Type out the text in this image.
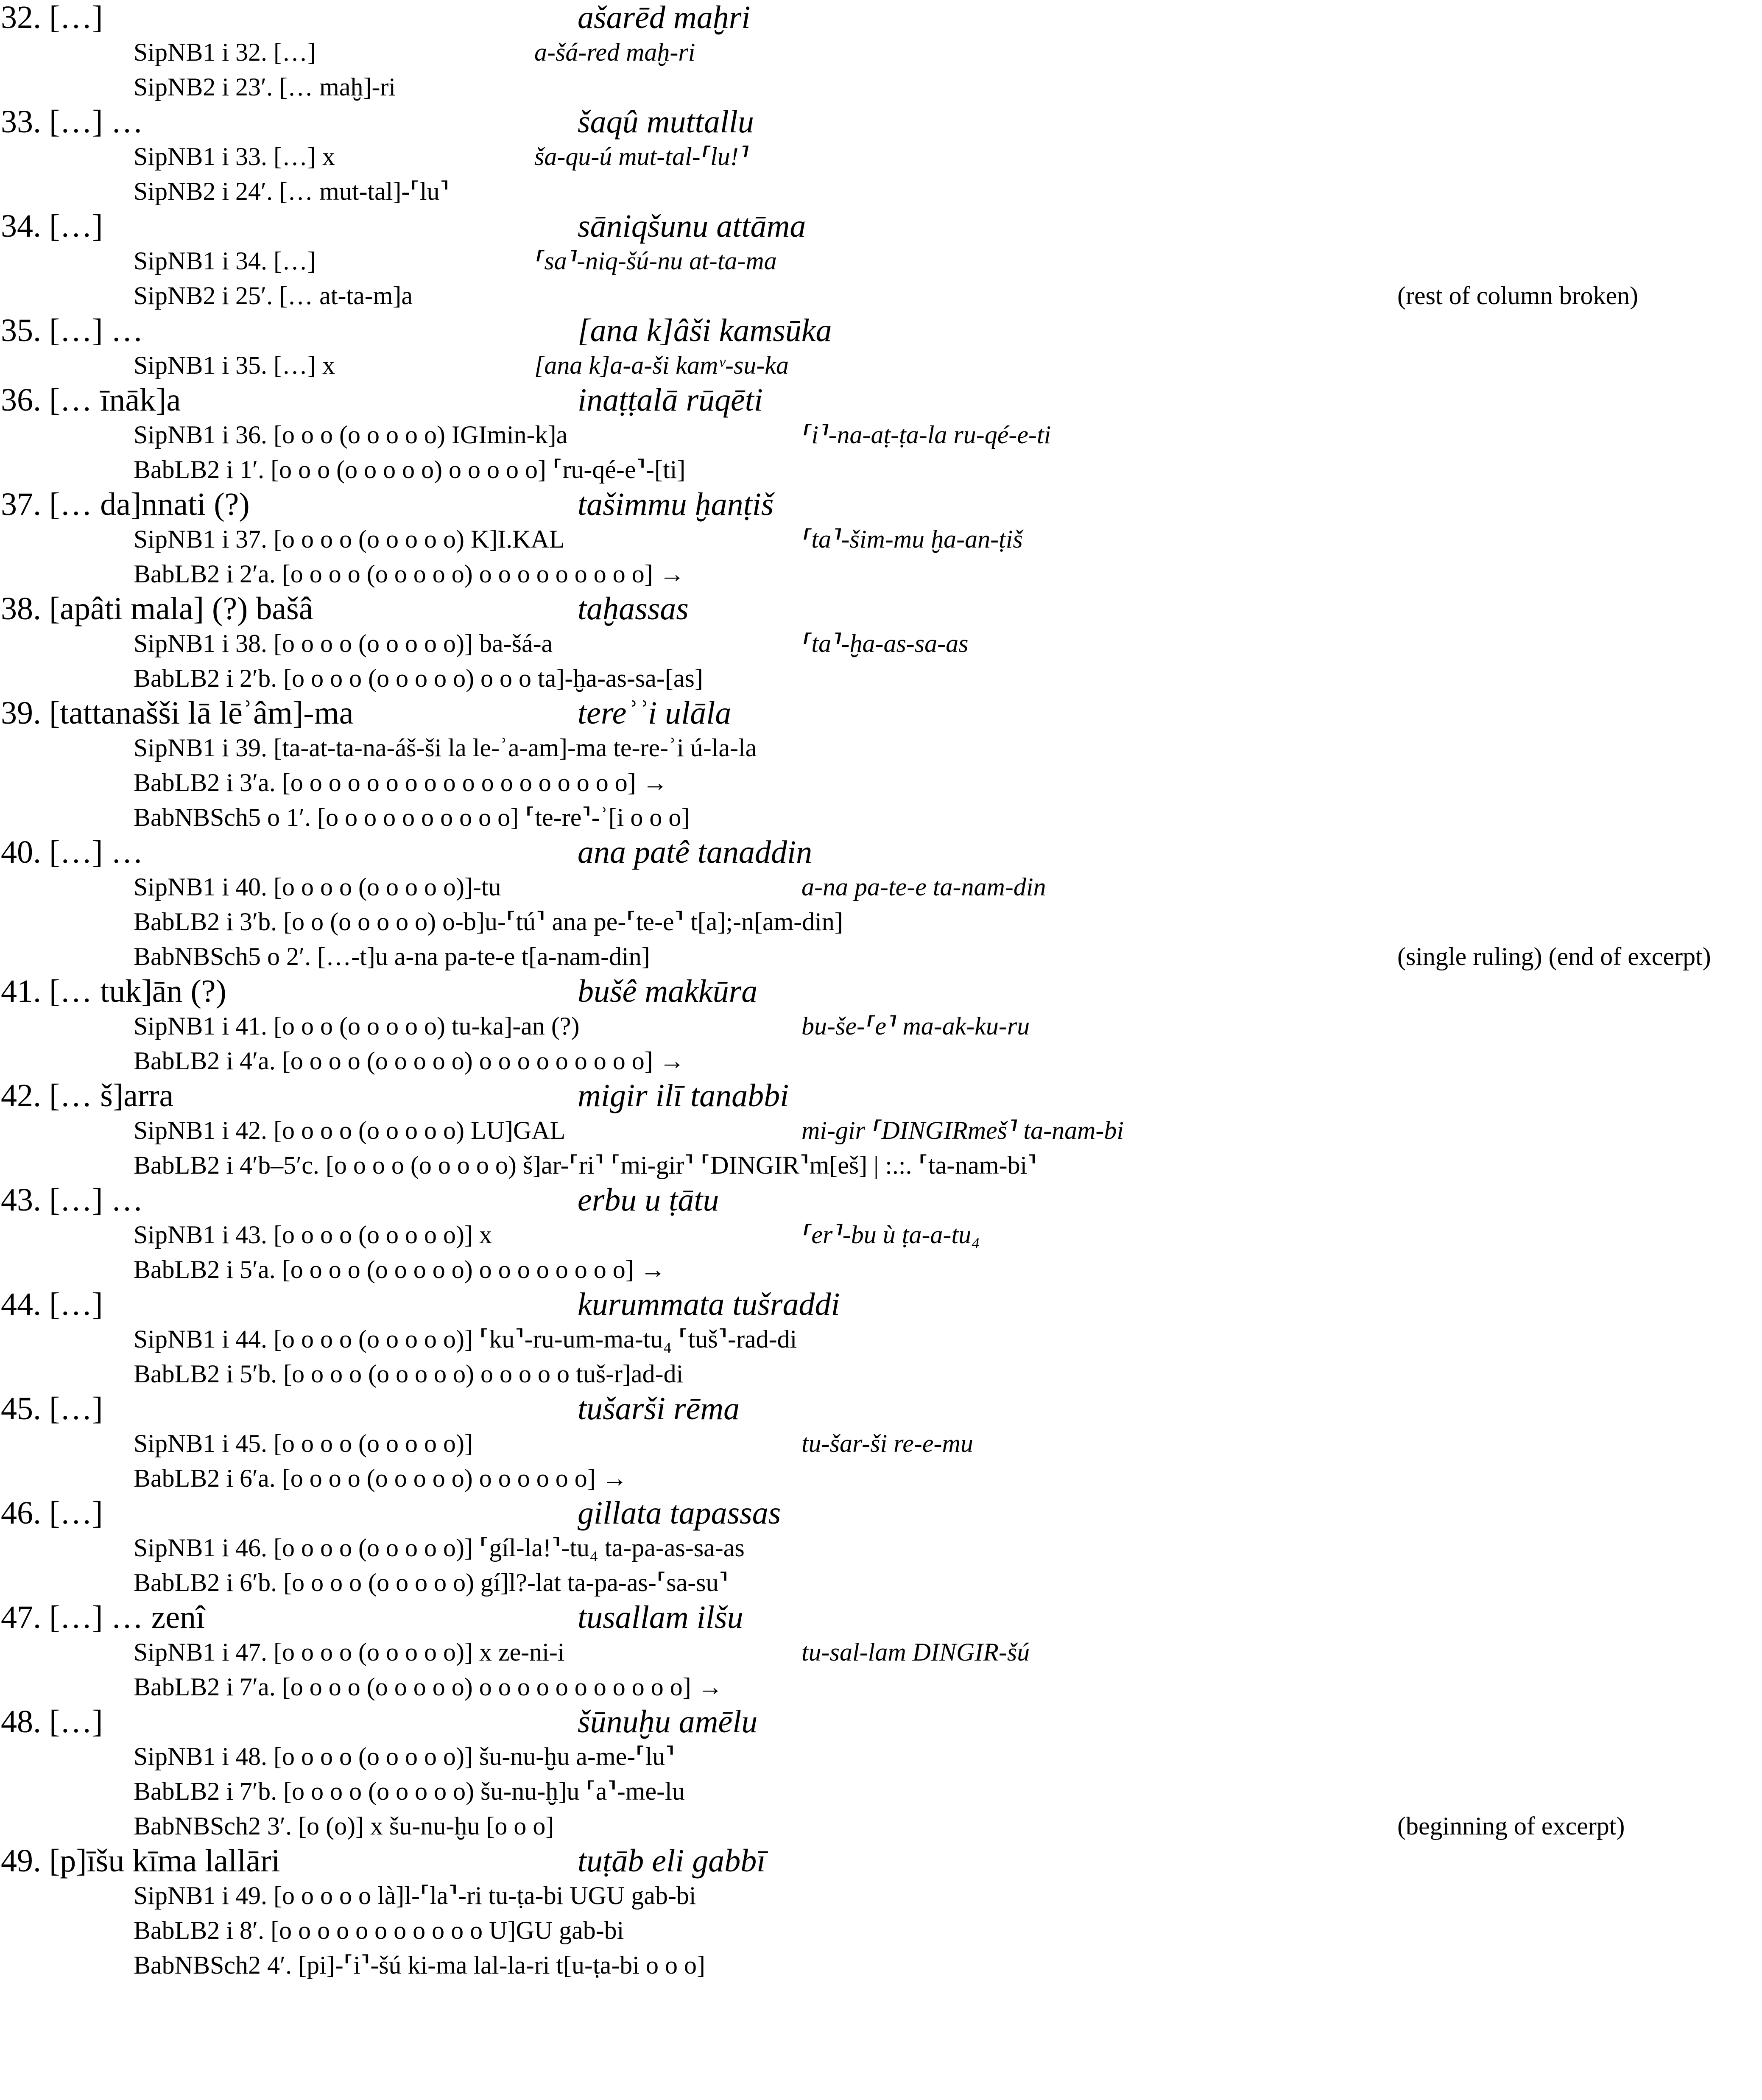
32. […]	ašarēd maḫri
SipNB1 i 32. […]	a-šá-red maḫ-ri
SipNB2 i 23′. [… maḫ]-ri
33. […] …	šaqû muttallu
SipNB1 i 33. […] x	ša-qu-ú mut-tal-⸢lu!⸣
SipNB2 i 24′. [… mut-tal]-⸢lu⸣
34. […]	sāniqšunu attāma
SipNB1 i 34. […]	⸢sa⸣-niq-šú-nu at-ta-ma
SipNB2 i 25′. [… at-ta-m]a	(rest of column broken)
35. […] …	[ana k]âši kamsūka
SipNB1 i 35. […] x	[ana k]a-a-ši kamᵛ-su-ka
36. [… īnāk]a	inaṭṭalā rūqēti
SipNB1 i 36. [o o o (o o o o o) IGImin-k]a	⸢i⸣-na-aṭ-ṭa-la ru-qé-e-ti
BabLB2 i 1′. [o o o (o o o o o) o o o o o] ⸢ru-qé-e⸣-[ti]
37. [… da]nnati (?)	tašimmu ḫanṭiš
SipNB1 i 37. [o o o o (o o o o o) K]I.KAL	⸢ta⸣-šim-mu ḫa-an-ṭiš
BabLB2 i 2′a. [o o o o (o o o o o) o o o o o o o o o] →
38. [apâti mala] (?) bašâ	taḫassas
SipNB1 i 38. [o o o o (o o o o o)] ba-šá-a	⸢ta⸣-ḫa-as-sa-as
BabLB2 i 2′b. [o o o o (o o o o o) o o o ta]-ḫa-as-sa-[as]
39. [tattanašši lā lēʾâm]-ma	tereʾʾi ulāla
SipNB1 i 39. [ta-at-ta-na-áš-ši la le-ʾa-am]-ma te-re-ʾi ú-la-la
BabLB2 i 3′a. [o o o o o o o o o o o o o o o o o o] →
BabNBSch5 o 1′. [o o o o o o o o o o] ⸢te-re⸣-ʾ[i o o o]
40. […] …	ana patê tanaddin
SipNB1 i 40. [o o o o (o o o o o)]-tu	a-na pa-te-e ta-nam-din
BabLB2 i 3′b. [o o (o o o o o) o-b]u-⸢tú⸣ ana pe-⸢te-e⸣ t[a];-n[am-din]
BabNBSch5 o 2′. […-t]u a-na pa-te-e t[a-nam-din]	(single ruling) (end of excerpt)
41. [… tuk]ān (?)	bušê makkūra
SipNB1 i 41. [o o o (o o o o o) tu-ka]-an (?)	bu-še-⸢e⸣ ma-ak-ku-ru
BabLB2 i 4′a. [o o o o (o o o o o) o o o o o o o o o] →
42. [… š]arra	migir ilī tanabbi
SipNB1 i 42. [o o o o (o o o o o) LU]GAL	mi-gir ⸢DINGIRmeš⸣ ta-nam-bi
BabLB2 i 4′b–5′c. [o o o o (o o o o o) š]ar-⸢ri⸣ ⸢mi-gir⸣ ⸢DINGIR⸣m[eš] | :.:. ⸢ta-nam-bi⸣
43. […] …	erbu u ṭātu
SipNB1 i 43. [o o o o (o o o o o)] x	⸢er⸣-bu ù ṭa-a-tu₄
BabLB2 i 5′a. [o o o o (o o o o o) o o o o o o o o] →
44. […]	kurummata tušraddi
SipNB1 i 44. [o o o o (o o o o o)] ⸢ku⸣-ru-um-ma-tu₄ ⸢tuš⸣-rad-di
BabLB2 i 5′b. [o o o o (o o o o o) o o o o o tuš-r]ad-di
45. […]	tušarši rēma
SipNB1 i 45. [o o o o (o o o o o)]	tu-šar-ši re-e-mu
BabLB2 i 6′a. [o o o o (o o o o o) o o o o o o] →
46. […]	gillata tapassas
SipNB1 i 46. [o o o o (o o o o o)] ⸢gíl-la!⸣-tu₄ ta-pa-as-sa-as
BabLB2 i 6′b. [o o o o (o o o o o) gí]l?-lat ta-pa-as-⸢sa-su⸣
47. […] … zenî	tusallam ilšu
SipNB1 i 47. [o o o o (o o o o o)] x ze-ni-i	tu-sal-lam DINGIR-šú
BabLB2 i 7′a. [o o o o (o o o o o) o o o o o o o o o o o] →
48. […]	šūnuḫu amēlu
SipNB1 i 48. [o o o o (o o o o o)] šu-nu-ḫu a-me-⸢lu⸣
BabLB2 i 7′b. [o o o o (o o o o o) šu-nu-ḫ]u ⸢a⸣-me-lu
BabNBSch2 3′. [o (o)] x šu-nu-ḫu [o o o]	(beginning of excerpt)
49. [p]īšu kīma lallāri	tuṭāb eli gabbī
SipNB1 i 49. [o o o o o là]l-⸢la⸣-ri tu-ṭa-bi UGU gab-bi
BabLB2 i 8′. [o o o o o o o o o o o U]GU gab-bi
BabNBSch2 4′. [pi]-⸢i⸣-šú ki-ma lal-la-ri t[u-ṭa-bi o o o]
